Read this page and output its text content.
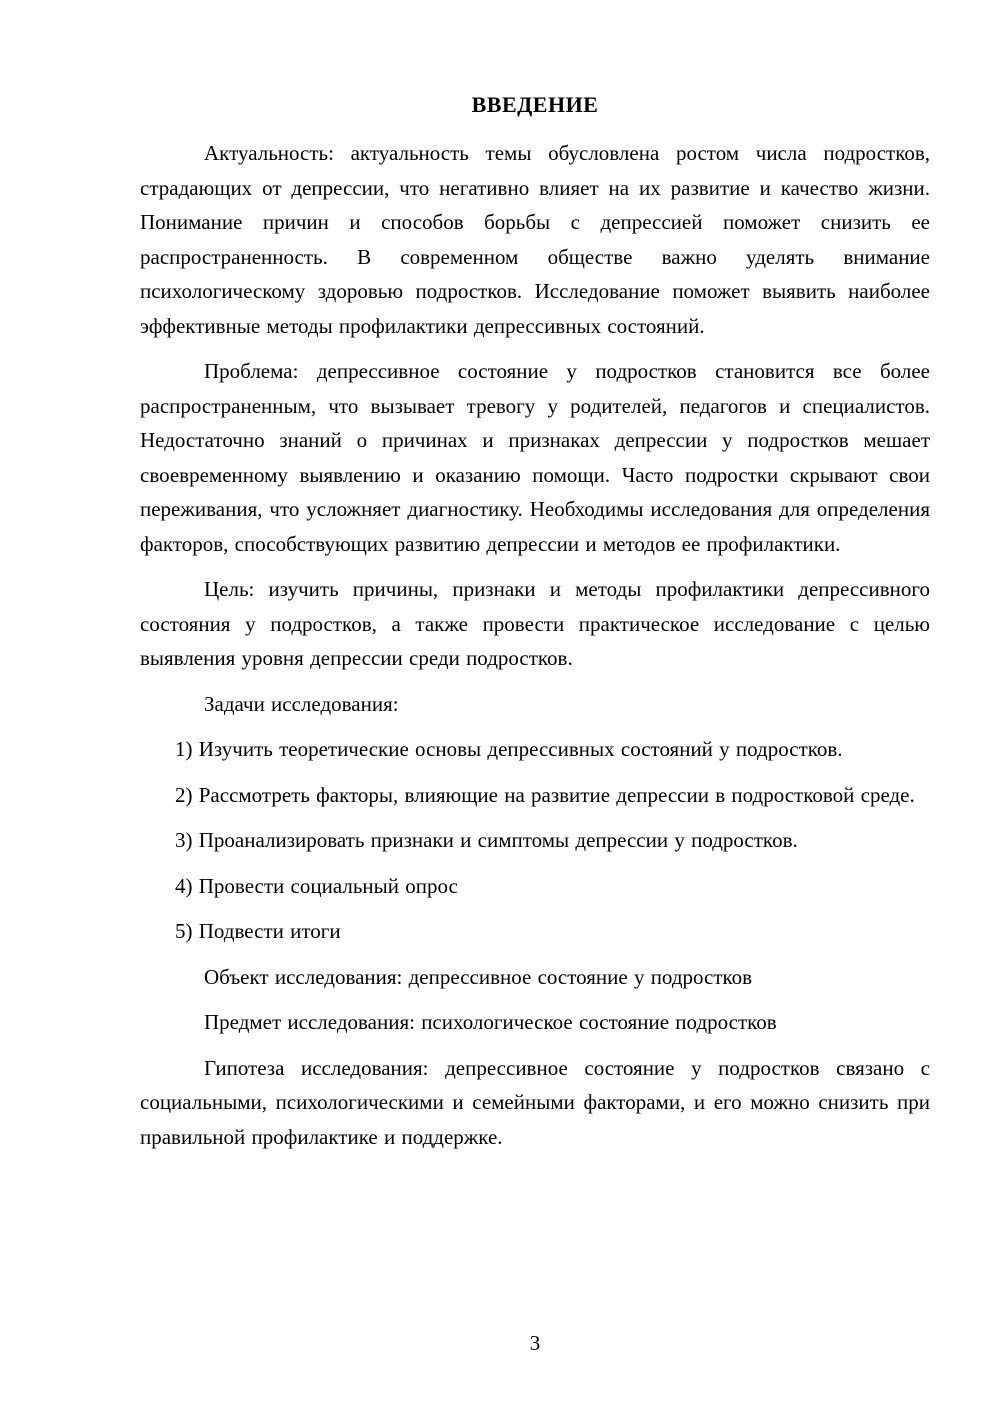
ВВЕДЕНИЕ

Актуальность: актуальность темы обусловлена ростом числа подростков, страдающих от депрессии, что негативно влияет на их развитие и качество жизни. Понимание причин и способов борьбы с депрессией поможет снизить ее распространенность. В современном обществе важно уделять внимание психологическому здоровью подростков. Исследование поможет выявить наиболее эффективные методы профилактики депрессивных состояний.

Проблема: депрессивное состояние у подростков становится все более распространенным, что вызывает тревогу у родителей, педагогов и специалистов. Недостаточно знаний о причинах и признаках депрессии у подростков мешает своевременному выявлению и оказанию помощи. Часто подростки скрывают свои переживания, что усложняет диагностику. Необходимы исследования для определения факторов, способствующих развитию депрессии и методов ее профилактики.

Цель: изучить причины, признаки и методы профилактики депрессивного состояния у подростков, а также провести практическое исследование с целью выявления уровня депрессии среди подростков.

Задачи исследования:

1) Изучить теоретические основы депрессивных состояний у подростков.

2) Рассмотреть факторы, влияющие на развитие депрессии в подростковой среде.

3) Проанализировать признаки и симптомы депрессии у подростков.

4) Провести социальный опрос

5) Подвести итоги

Объект исследования: депрессивное состояние у подростков

Предмет исследования: психологическое состояние подростков

Гипотеза исследования: депрессивное состояние у подростков связано с социальными, психологическими и семейными факторами, и его можно снизить при правильной профилактике и поддержке.

3
